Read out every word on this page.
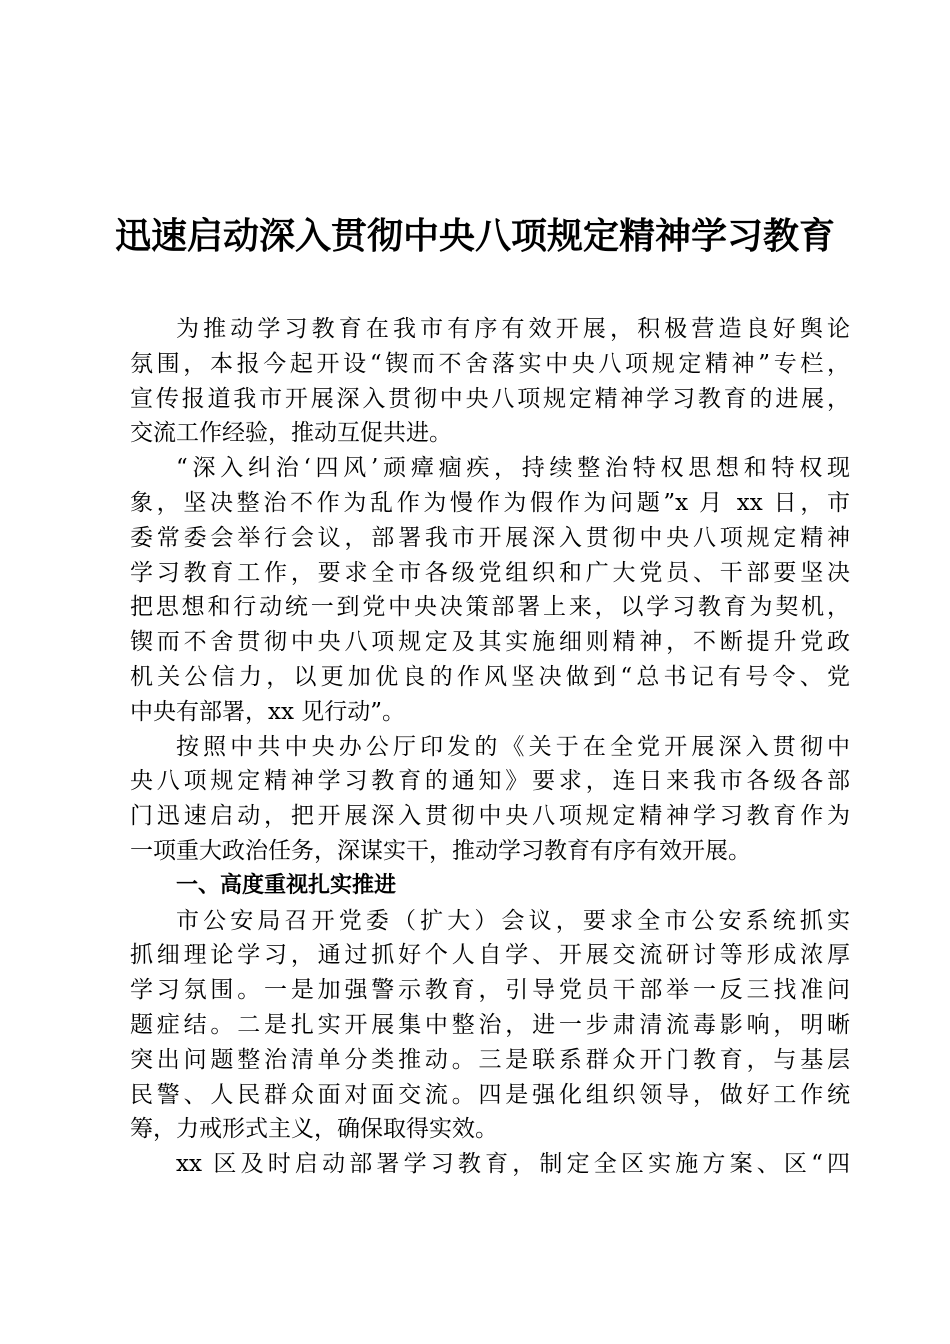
迅速启动深入贯彻中央八项规定精神学习教育
为推动学习教育在我市有序有效开展，积极营造良好舆论
氛围，本报今起开设“锲而不舍落实中央八项规定精神”专栏，
宣传报道我市开展深入贯彻中央八项规定精神学习教育的进展，
交流工作经验，推动互促共进。
“深入纠治‘四风’顽瘴痼疾，持续整治特权思想和特权现
象，坚决整治不作为乱作为慢作为假作为问题”x 月 xx 日，市
委常委会举行会议，部署我市开展深入贯彻中央八项规定精神
学习教育工作，要求全市各级党组织和广大党员、干部要坚决
把思想和行动统一到党中央决策部署上来，以学习教育为契机，
锲而不舍贯彻中央八项规定及其实施细则精神，不断提升党政
机关公信力，以更加优良的作风坚决做到“总书记有号令、党
中央有部署，xx 见行动”。
按照中共中央办公厅印发的《关于在全党开展深入贯彻中
央八项规定精神学习教育的通知》要求，连日来我市各级各部
门迅速启动，把开展深入贯彻中央八项规定精神学习教育作为
一项重大政治任务，深谋实干，推动学习教育有序有效开展。
一、高度重视扎实推进
市公安局召开党委（扩大）会议，要求全市公安系统抓实
抓细理论学习，通过抓好个人自学、开展交流研讨等形成浓厚
学习氛围。一是加强警示教育，引导党员干部举一反三找准问
题症结。二是扎实开展集中整治，进一步肃清流毒影响，明晰
突出问题整治清单分类推动。三是联系群众开门教育，与基层
民警、人民群众面对面交流。四是强化组织领导，做好工作统
筹，力戒形式主义，确保取得实效。
xx 区及时启动部署学习教育，制定全区实施方案、区“四
